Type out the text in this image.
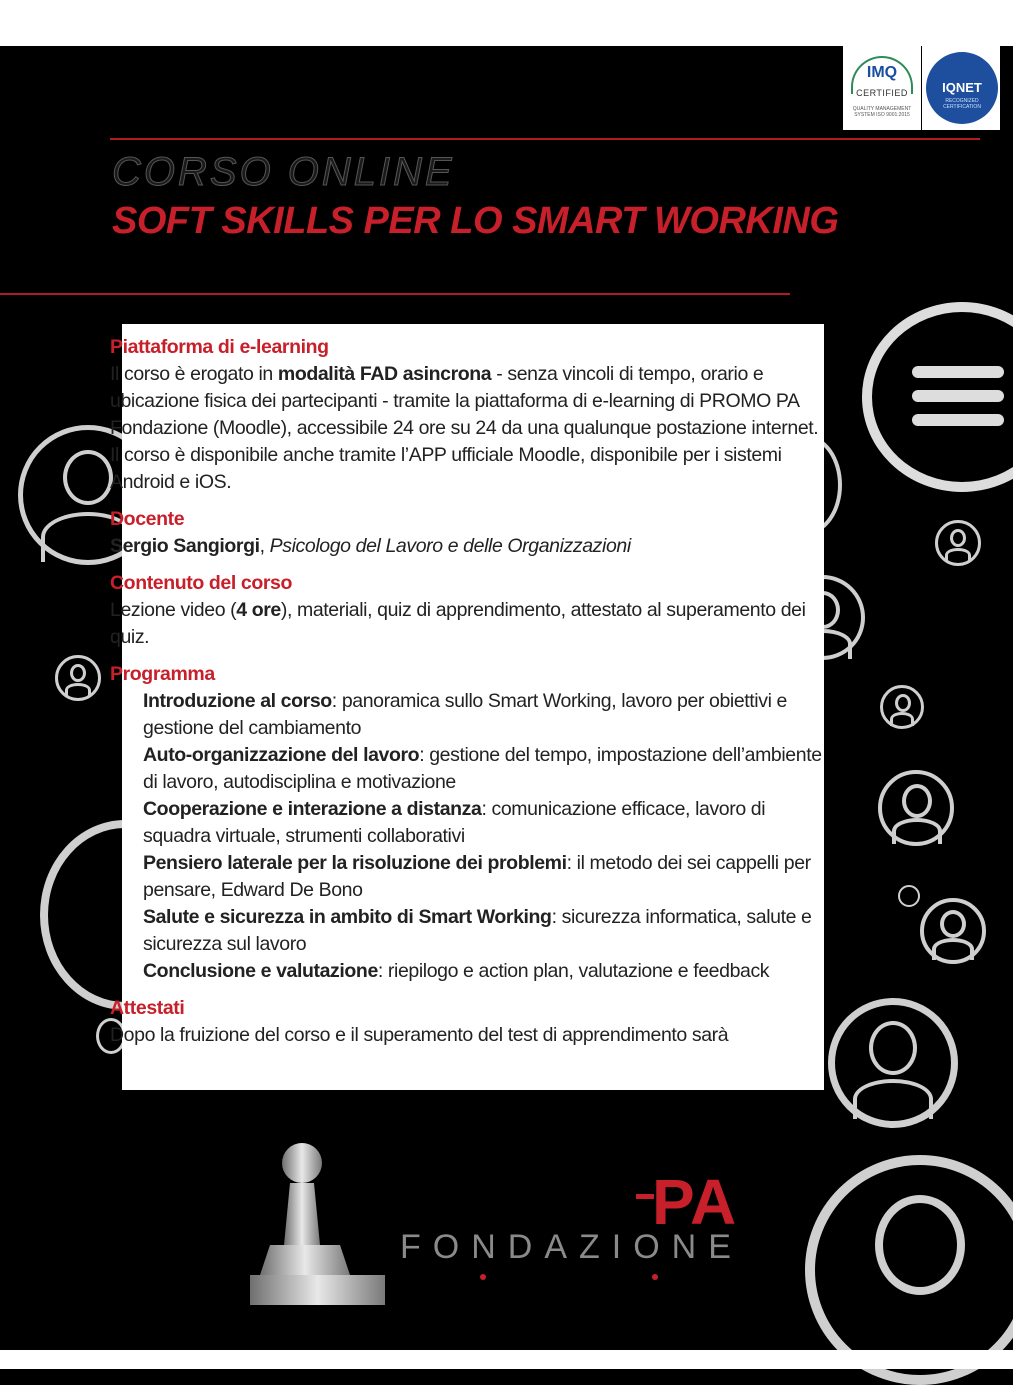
IMQ
CERTIFIED
QUALITY MANAGEMENT SYSTEM ISO 9001:2015
IQNET
RECOGNIZED CERTIFICATION
CORSO ONLINE
SOFT SKILLS PER LO SMART WORKING

Piattaforma di e-learning

Il corso è erogato in modalità FAD asincrona - senza vincoli di tempo, orario e ubicazione fisica dei partecipanti - tramite la piattaforma di e-learning di PROMO PA Fondazione (Moodle), accessibile 24 ore su 24 da una qualunque postazione internet. Il corso è disponibile anche tramite l’APP ufficiale Moodle, disponibile per i sistemi Android e iOS.

Docente

Sergio Sangiorgi, Psicologo del Lavoro e delle Organizzazioni

Contenuto del corso

Lezione video (4 ore), materiali, quiz di apprendimento, attestato al superamento dei quiz.

Programma

Introduzione al corso: panoramica sullo Smart Working, lavoro per obiettivi e gestione del cambiamento
Auto-organizzazione del lavoro: gestione del tempo, impostazione dell’ambiente di lavoro, autodisciplina e motivazione
Cooperazione e interazione a distanza: comunicazione efficace, lavoro di squadra virtuale, strumenti collaborativi
Pensiero laterale per la risoluzione dei problemi: il metodo dei sei cappelli per pensare, Edward De Bono
Salute e sicurezza in ambito di Smart Working: sicurezza informatica, salute e sicurezza sul lavoro
Conclusione e valutazione: riepilogo e action plan, valutazione e feedback

Attestati

Dopo la fruizione del corso e il superamento del test di apprendimento sarà

PA
FONDAZIONE
